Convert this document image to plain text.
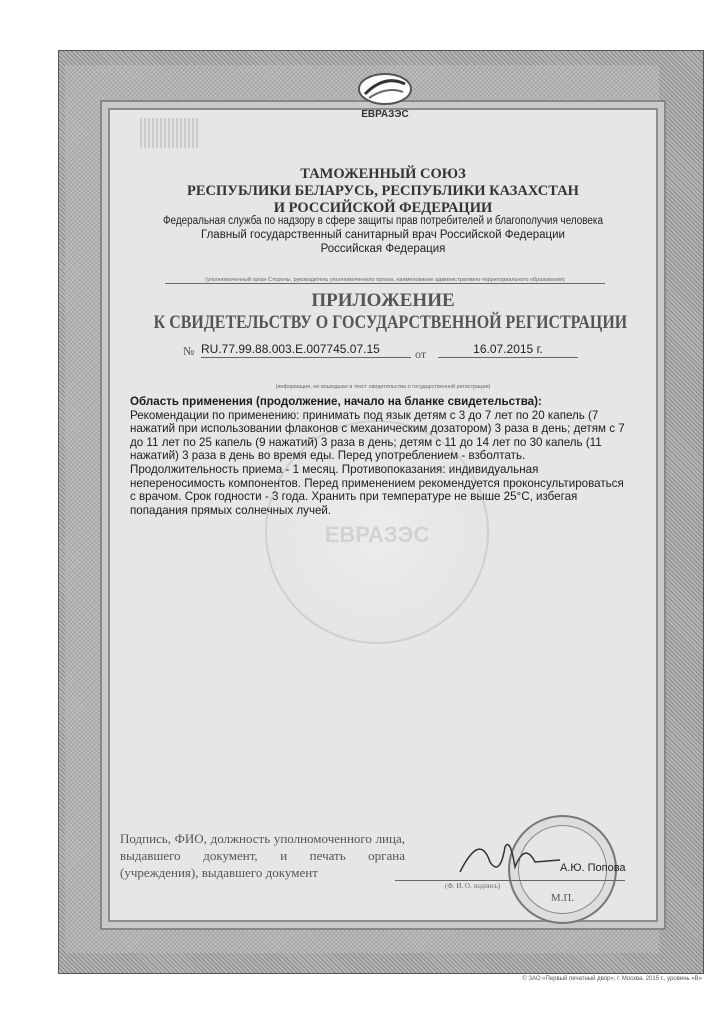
ЕВРАЗЭС
ТАМОЖЕННЫЙ СОЮЗ
РЕСПУБЛИКИ БЕЛАРУСЬ, РЕСПУБЛИКИ КАЗАХСТАН
И РОССИЙСКОЙ ФЕДЕРАЦИИ
Федеральная служба по надзору в сфере защиты прав потребителей и благополучия человека
Главный государственный санитарный врач Российской Федерации
Российская Федерация
(уполномоченный орган Стороны, руководитель уполномоченного органа, наименование административно-территориального образования)
ПРИЛОЖЕНИЕ
К СВИДЕТЕЛЬСТВУ О ГОСУДАРСТВЕННОЙ РЕГИСТРАЦИИ
№ RU.77.99.88.003.E.007745.07.15	от	16.07.2015 г.
(информация, не вошедшая в текст свидетельства о государственной регистрации)
ЕВРАЗЭС
Область применения (продолжение, начало на бланке свидетельства):
Рекомендации по применению: принимать под язык детям с 3 до 7 лет по 20 капель (7 нажатий при использовании флаконов с механическим дозатором) 3 раза в день; детям с 7 до 11 лет по 25 капель (9 нажатий) 3 раза в день; детям с 11 до 14 лет по 30 капель (11 нажатий) 3 раза в день во время еды. Перед употреблением - взболтать. Продолжительность приема - 1 месяц. Противопоказания: индивидуальная непереносимость компонентов. Перед применением рекомендуется проконсультироваться с врачом. Срок годности - 3 года. Хранить при температуре не выше 25°С, избегая попадания прямых солнечных лучей.
Подпись, ФИО, должность уполномоченного лица, выдавшего документ, и печать органа (учреждения), выдавшего документ
М.П.
А.Ю. Попова
(Ф. И. О. подпись)
© ЗАО «Первый печатный двор», г. Москва, 2015 г., уровень «В»
